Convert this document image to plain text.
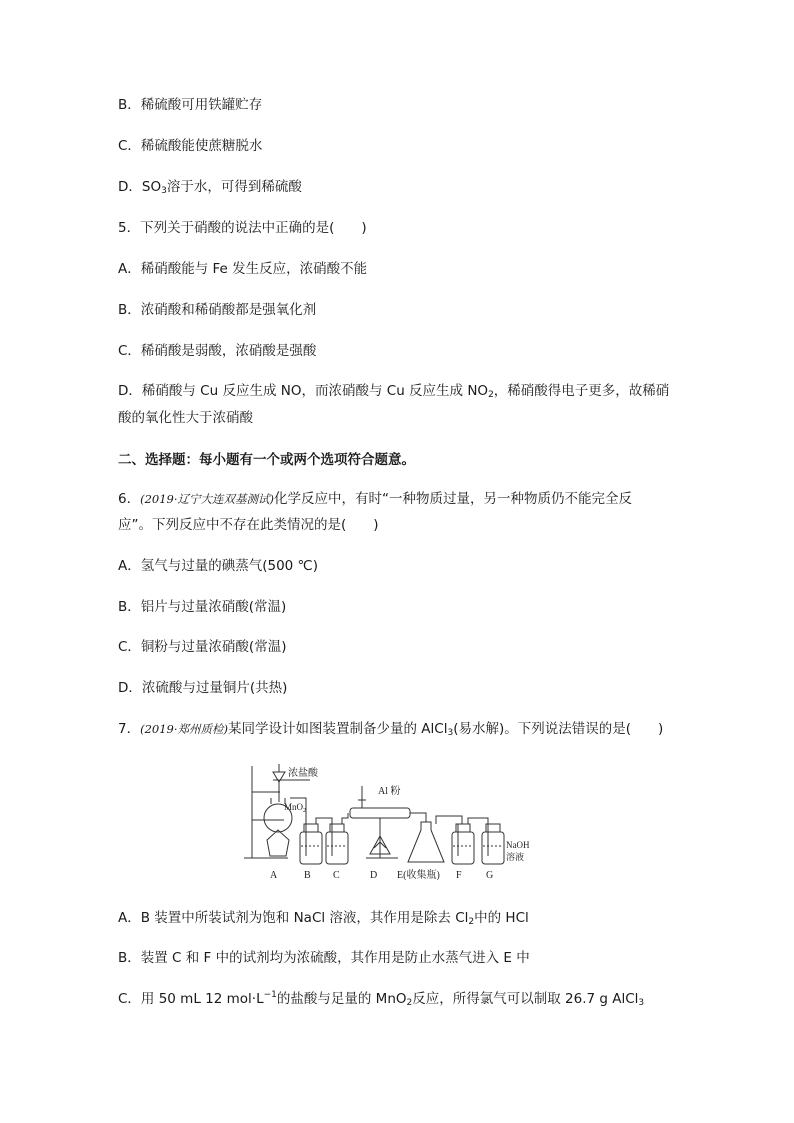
B．稀硫酸可用铁罐贮存
C．稀硫酸能使蔗糖脱水
D．$SO_3$溶于水，可得到稀硫酸
5．下列关于硝酸的说法中正确的是(　　)
A．稀硝酸能与 Fe 发生反应，浓硝酸不能
B．浓硝酸和稀硝酸都是强氧化剂
C．稀硝酸是弱酸，浓硝酸是强酸
D．稀硝酸与 Cu 反应生成 NO，而浓硝酸与 Cu 反应生成 $NO_2$，稀硝酸得电子更多，故稀硝
酸的氧化性大于浓硝酸
二、选择题：每小题有一个或两个选项符合题意。
6．(2019·辽宁大连双基测试)化学反应中，有时“一种物质过量，另一种物质仍不能完全反
应”。下列反应中不存在此类情况的是(　　)
A．氢气与过量的碘蒸气(500 ℃)
B．铝片与过量浓硝酸(常温)
C．铜粉与过量浓硝酸(常温)
D．浓硫酸与过量铜片(共热)
7．(2019·郑州质检)某同学设计如图装置制备少量的 AlCl$_3$(易水解)。下列说法错误的是(　　)
浓盐酸
MnO$_2$
Al 粉
NaOH
溶液
A	B C	D E(收集瓶) F G
A．B 装置中所装试剂为饱和 NaCl 溶液，其作用是除去 $Cl_2$中的 HCl
B．装置 C 和 F 中的试剂均为浓硫酸，其作用是防止水蒸气进入 E 中
C．用 50 mL 12 $mol\cdot L^{-1}$的盐酸与足量的 MnO$_2$反应，所得氯气可以制取 26.7 g AlCl$_3$
